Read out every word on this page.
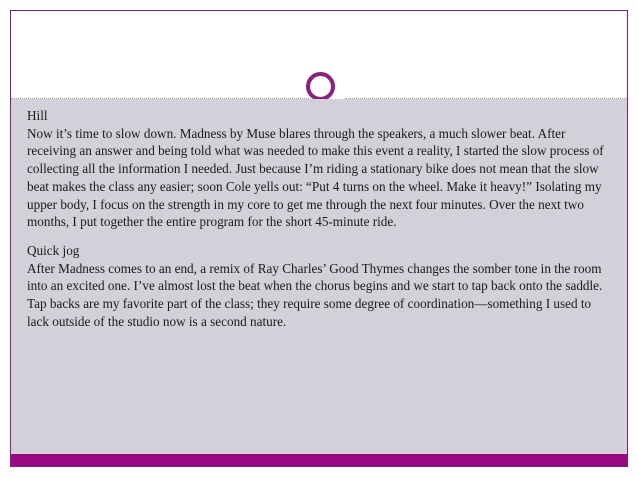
Hill

Now it’s time to slow down. Madness by Muse blares through the speakers, a much slower beat. After receiving an answer and being told what was needed to make this event a reality, I started the slow process of collecting all the information I needed. Just because I’m riding a stationary bike does not mean that the slow beat makes the class any easier; soon Cole yells out: “Put 4 turns on the wheel. Make it heavy!” Isolating my upper body, I focus on the strength in my core to get me through the next four minutes. Over the next two months, I put together the entire program for the short 45-minute ride.

Quick jog

After Madness comes to an end, a remix of Ray Charles’ Good Thymes changes the somber tone in the room into an excited one. I’ve almost lost the beat when the chorus begins and we start to tap back onto the saddle. Tap backs are my favorite part of the class; they require some degree of coordination—something I used to lack outside of the studio now is a second nature.
